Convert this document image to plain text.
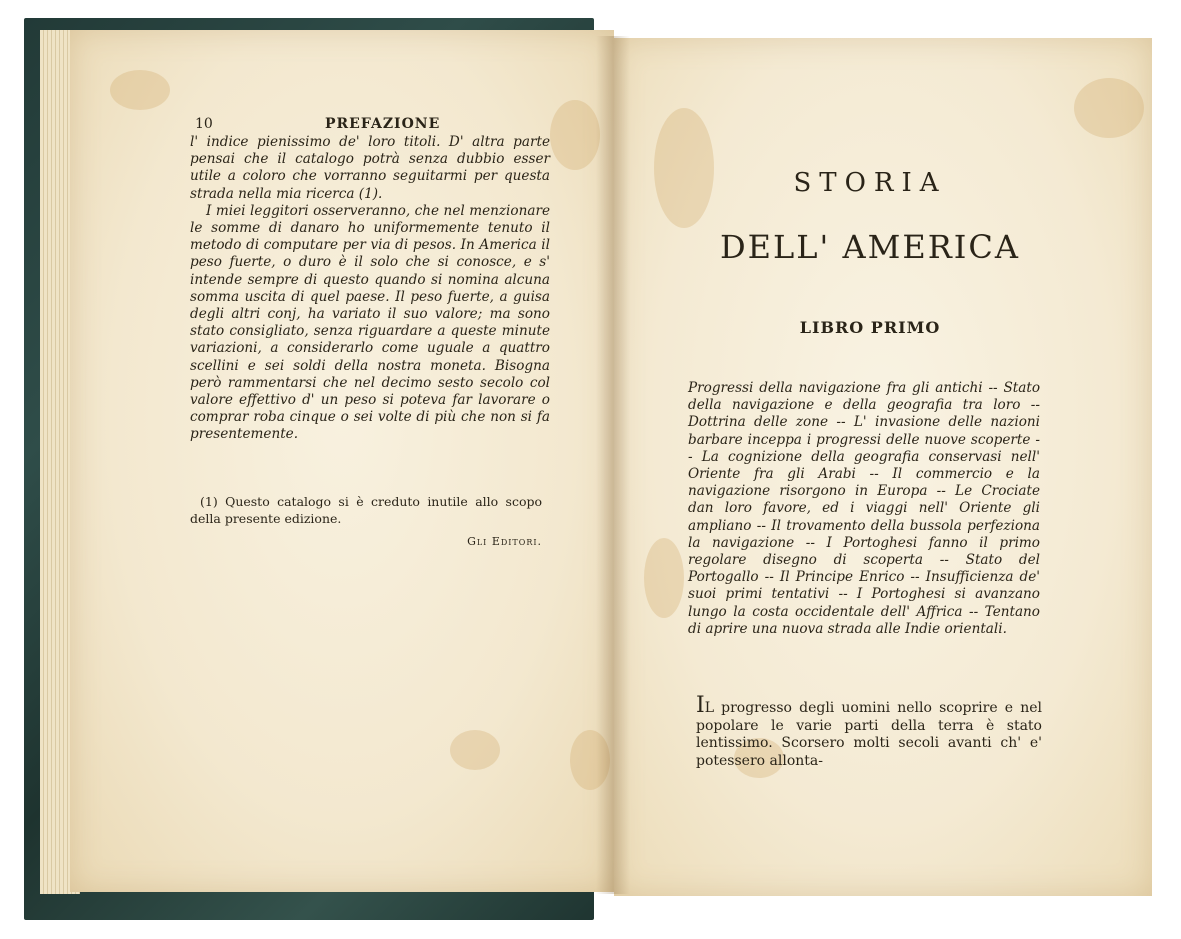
10	PREFAZIONE

l' indice pienissimo de' loro titoli. D' altra parte pensai che il catalogo potrà senza dubbio esser utile a coloro che vorranno seguitarmi per questa strada nella mia ricerca (1).

I miei leggitori osserveranno, che nel menzionare le somme di danaro ho uniformemente tenuto il metodo di computare per via di pesos. In America il peso fuerte, o duro è il solo che si conosce, e s' intende sempre di questo quando si nomina alcuna somma uscita di quel paese. Il peso fuerte, a guisa degli altri conj, ha variato il suo valore; ma sono stato consigliato, senza riguardare a queste minute variazioni, a considerarlo come uguale a quattro scellini e sei soldi della nostra moneta. Bisogna però rammentarsi che nel decimo sesto secolo col valore effettivo d' un peso si poteva far lavorare o comprar roba cinque o sei volte di più che non si fa presentemente.

(1) Questo catalogo si è creduto inutile allo scopo della presente edizione.

Gli Editori.
STORIA
DELL' AMERICA
LIBRO PRIMO

Progressi della navigazione fra gli antichi -- Stato della navigazione e della geografia tra loro -- Dottrina delle zone -- L' invasione delle nazioni barbare inceppa i progressi delle nuove scoperte -- La cognizione della geografia conservasi nell' Oriente fra gli Arabi -- Il commercio e la navigazione risorgono in Europa -- Le Crociate dan loro favore, ed i viaggi nell' Oriente gli ampliano -- Il trovamento della bussola perfeziona la navigazione -- I Portoghesi fanno il primo regolare disegno di scoperta -- Stato del Portogallo -- Il Principe Enrico -- Insufficienza de' suoi primi tentativi -- I Portoghesi si avanzano lungo la costa occidentale dell' Affrica -- Tentano di aprire una nuova strada alle Indie orientali.

IL progresso degli uomini nello scoprire e nel popolare le varie parti della terra è stato lentissimo. Scorsero molti secoli avanti ch' e' potessero allonta-
